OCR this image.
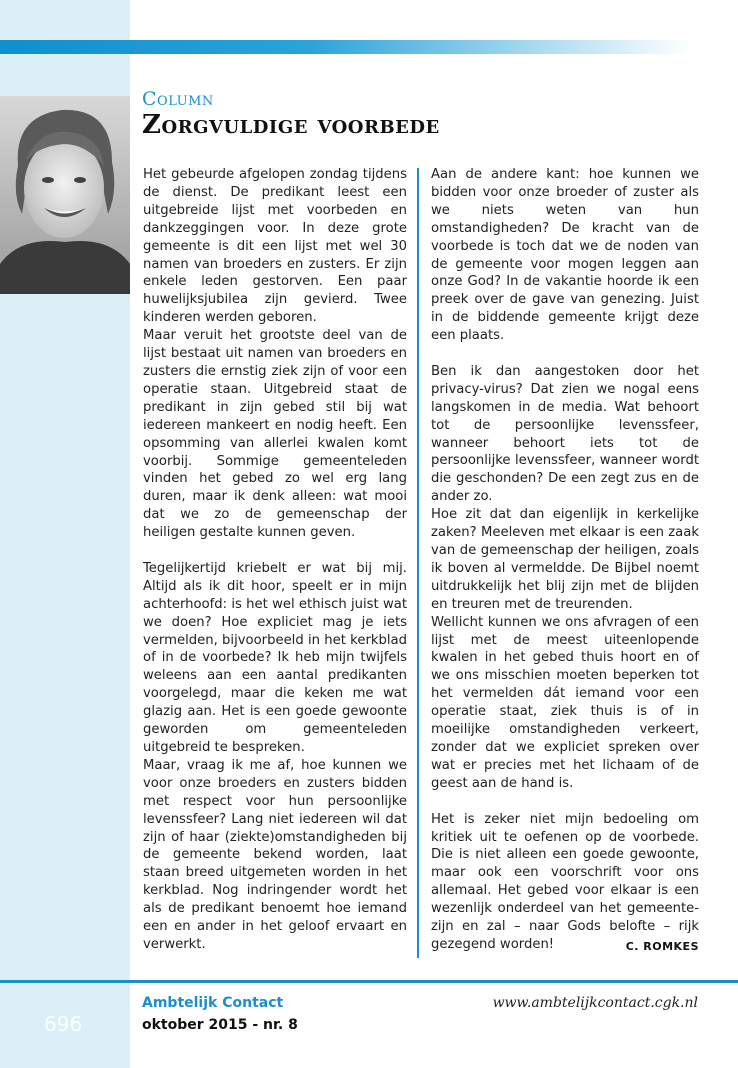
Column
Zorgvuldige voorbede

Het gebeurde afgelopen zondag tijdens de dienst. De predikant leest een uitgebreide lijst met voorbeden en dankzeggingen voor. In deze grote gemeente is dit een lijst met wel 30 namen van broeders en zusters. Er zijn enkele leden gestorven. Een paar huwelijksjubilea zijn gevierd. Twee kinderen werden geboren.

Maar veruit het grootste deel van de lijst bestaat uit namen van broeders en zusters die ernstig ziek zijn of voor een operatie staan. Uitgebreid staat de predikant in zijn gebed stil bij wat iedereen mankeert en nodig heeft. Een opsomming van allerlei kwalen komt voorbij. Sommige gemeenteleden vinden het gebed zo wel erg lang duren, maar ik denk alleen: wat mooi dat we zo de gemeenschap der heiligen gestalte kunnen geven.

Tegelijkertijd kriebelt er wat bij mij. Altijd als ik dit hoor, speelt er in mijn achterhoofd: is het wel ethisch juist wat we doen? Hoe expliciet mag je iets vermelden, bijvoorbeeld in het kerkblad of in de voorbede? Ik heb mijn twijfels weleens aan een aantal predikanten voorgelegd, maar die keken me wat glazig aan. Het is een goede gewoonte geworden om gemeenteleden uitgebreid te bespreken.

Maar, vraag ik me af, hoe kunnen we voor onze broeders en zusters bidden met respect voor hun persoonlijke levenssfeer? Lang niet iedereen wil dat zijn of haar (ziekte)omstandigheden bij de gemeente bekend worden, laat staan breed uitgemeten worden in het kerkblad. Nog indringender wordt het als de predikant benoemt hoe iemand een en ander in het geloof ervaart en verwerkt.

Aan de andere kant: hoe kunnen we bidden voor onze broeder of zuster als we niets weten van hun omstandigheden? De kracht van de voorbede is toch dat we de noden van de gemeente voor mogen leggen aan onze God? In de vakantie hoorde ik een preek over de gave van genezing. Juist in de biddende gemeente krijgt deze een plaats.

Ben ik dan aangestoken door het privacy-virus? Dat zien we nogal eens langskomen in de media. Wat behoort tot de persoonlijke levenssfeer, wanneer behoort iets tot de persoonlijke levenssfeer, wanneer wordt die geschonden? De een zegt zus en de ander zo.

Hoe zit dat dan eigenlijk in kerkelijke zaken? Meeleven met elkaar is een zaak van de gemeenschap der heiligen, zoals ik boven al vermeldde. De Bijbel noemt uitdrukkelijk het blij zijn met de blijden en treuren met de treurenden.

Wellicht kunnen we ons afvragen of een lijst met de meest uiteenlopende kwalen in het gebed thuis hoort en of we ons misschien moeten beperken tot het vermelden dát iemand voor een operatie staat, ziek thuis is of in moeilijke omstandigheden verkeert, zonder dat we expliciet spreken over wat er precies met het lichaam of de geest aan de hand is.

Het is zeker niet mijn bedoeling om kritiek uit te oefenen op de voorbede. Die is niet alleen een goede gewoonte, maar ook een voorschrift voor ons allemaal. Het gebed voor elkaar is een wezenlijk onderdeel van het gemeente-zijn en zal – naar Gods belofte – rijk gezegend worden!	C. ROMKES
696
Ambtelijk Contact
oktober 2015 - nr. 8
www.ambtelijkcontact.cgk.nl
